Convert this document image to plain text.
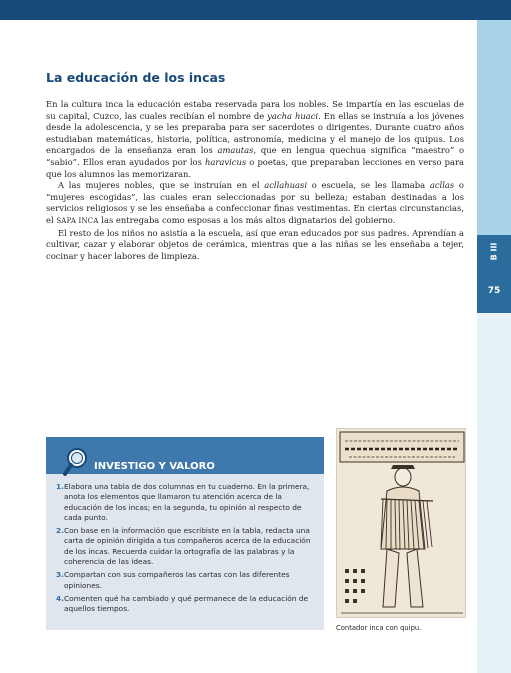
B III
75
La educación de los incas

En la cultura inca la educación estaba reservada para los nobles. Se impartía en las escuelas de su capital, Cuzco, las cuales recibían el nombre de yacha huaci. En ellas se instruía a los jóvenes desde la adolescencia, y se les preparaba para ser sacerdotes o dirigentes. Durante cuatro años estudiaban matemáticas, historia, política, astronomía, medicina y el manejo de los quipus. Los encargados de la enseñanza eran los amautas, que en lengua quechua significa “maestro” o “sabio”. Ellos eran ayudados por los haravicus o poetas, que preparaban lecciones en verso para que los alumnos las memorizaran.

A las mujeres nobles, que se instruían en el acllahuasi o escuela, se les llamaba acllas o “mujeres escogidas”, las cuales eran seleccionadas por su belleza; estaban destinadas a los servicios religiosos y se les enseñaba a confeccionar finas vestimentas. En ciertas circunstancias, el SAPA INCA las entregaba como esposas a los más altos dignatarios del gobierno.

El resto de los niños no asistía a la escuela, así que eran educados por sus padres. Aprendían a cultivar, cazar y elaborar objetos de cerámica, mientras que a las niñas se les enseñaba a tejer, cocinar y hacer labores de limpieza.

INVESTIGO Y VALORO
1. Elabora una tabla de dos columnas en tu cuaderno. En la primera, anota los elementos que llamaron tu atención acerca de la educación de los incas; en la segunda, tu opinión al respecto de cada punto.
2. Con base en la información que escribiste en la tabla, redacta una carta de opinión dirigida a tus compañeros acerca de la educación de los incas. Recuerda cuidar la ortografía de las palabras y la coherencia de las ideas.
3. Compartan con sus compañeros las cartas con las diferentes opiniones.
4. Comenten qué ha cambiado y qué permanece de la educación de aquellos tiempos.
Contador inca con quipu.
